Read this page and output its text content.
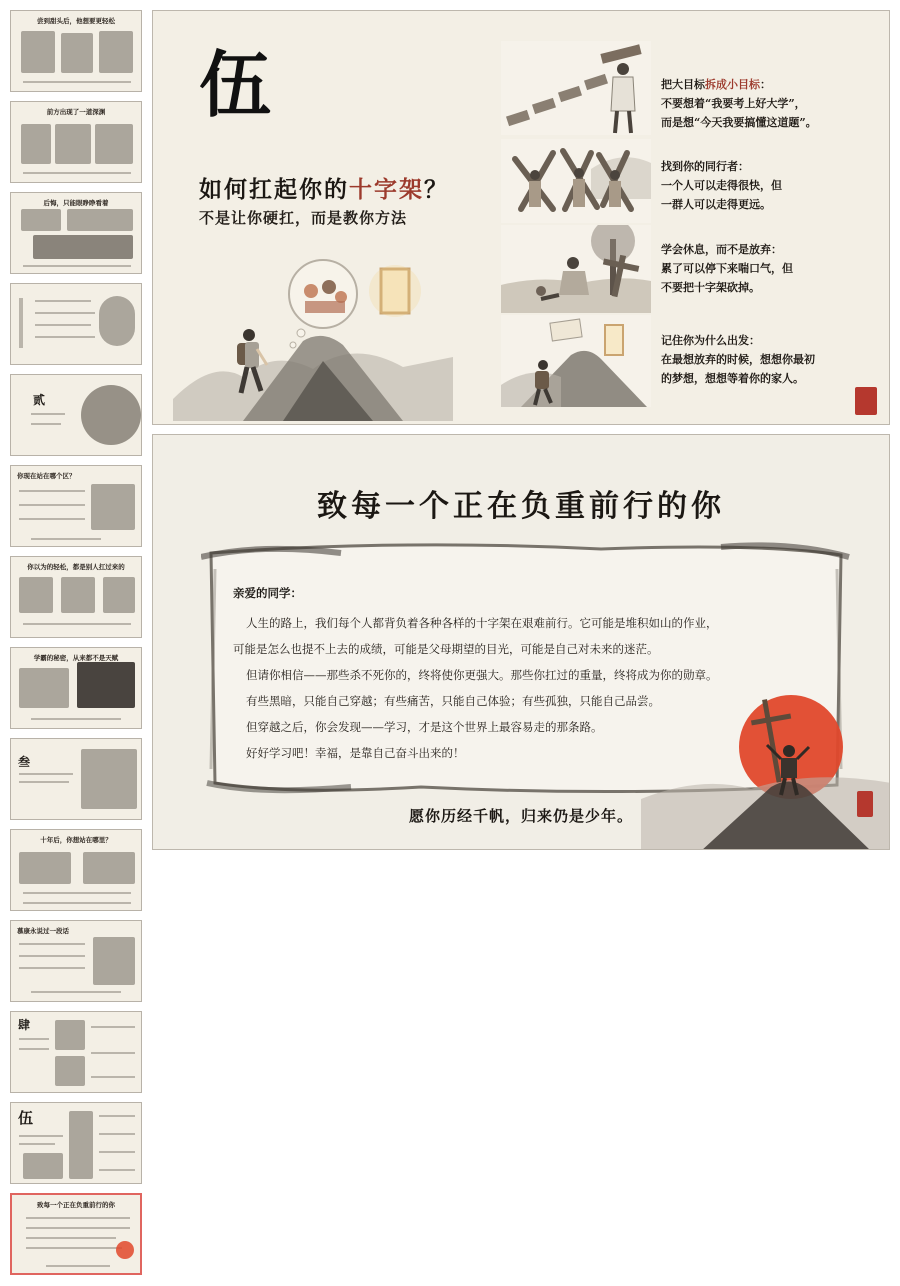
尝到甜头后，他想要更轻松
前方出现了一道深渊
后悔，只能眼睁睁看着
贰
你现在站在哪个区？
你以为的轻松，都是别人扛过来的
学霸的秘密，从来都不是天赋
叁
十年后，你想站在哪里？
慕康永说过一段话
肆
伍
致每一个正在负重前行的你
伍
如何扛起你的十字架？
不是让你硬扛，而是教你方法

把大目标拆成小目标：

不要想着“我要考上好大学”，

而是想“今天我要搞懂这道题”。

找到你的同行者：

一个人可以走得很快，但

一群人可以走得更远。

学会休息，而不是放弃：

累了可以停下来喘口气，但

不要把十字架砍掉。

记住你为什么出发：

在最想放弃的时候，想想你最初

的梦想，想想等着你的家人。

致每一个正在负重前行的你
亲爱的同学：
人生的路上，我们每个人都背负着各种各样的十字架在艰难前行。它可能是堆积如山的作业，
可能是怎么也提不上去的成绩，可能是父母期望的目光，可能是自己对未来的迷茫。
但请你相信——那些杀不死你的，终将使你更强大。那些你扛过的重量，终将成为你的勋章。
有些黑暗，只能自己穿越；有些痛苦，只能自己体验；有些孤独，只能自己品尝。
但穿越之后，你会发现——学习，才是这个世界上最容易走的那条路。
好好学习吧！幸福，是靠自己奋斗出来的！
愿你历经千帆，归来仍是少年。
